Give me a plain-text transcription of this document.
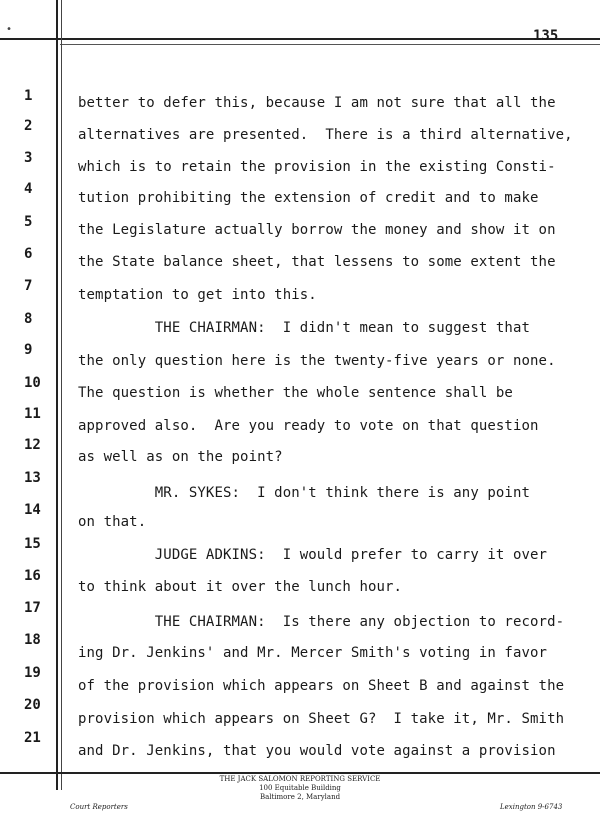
•	135
1	better to defer this, because I am not sure that all the
2
alternatives are presented.  There is a third alternative,
3
which is to retain the provision in the existing Consti-
4
tution prohibiting the extension of credit and to make
5	the Legislature actually borrow the money and show it on
6	the State balance sheet, that lessens to some extent the
7
temptation to get into this.
8
THE CHAIRMAN:  I didn't mean to suggest that
9
the only question here is the twenty-five years or none.
10
The question is whether the whole sentence shall be
11
approved also.  Are you ready to vote on that question
12
as well as on the point?
13
MR. SYKES:  I don't think there is any point
14
on that.
15
JUDGE ADKINS:  I would prefer to carry it over
16
to think about it over the lunch hour.
17
THE CHAIRMAN:  Is there any objection to record-
18
ing Dr. Jenkins' and Mr. Mercer Smith's voting in favor
19
of the provision which appears on Sheet B and against the
20
provision which appears on Sheet G?  I take it, Mr. Smith
21
and Dr. Jenkins, that you would vote against a provision
Court Reporters
THE JACK SALOMON REPORTING SERVICE
100 Equitable Building
Baltimore 2, Maryland
Lexington 9-6743
